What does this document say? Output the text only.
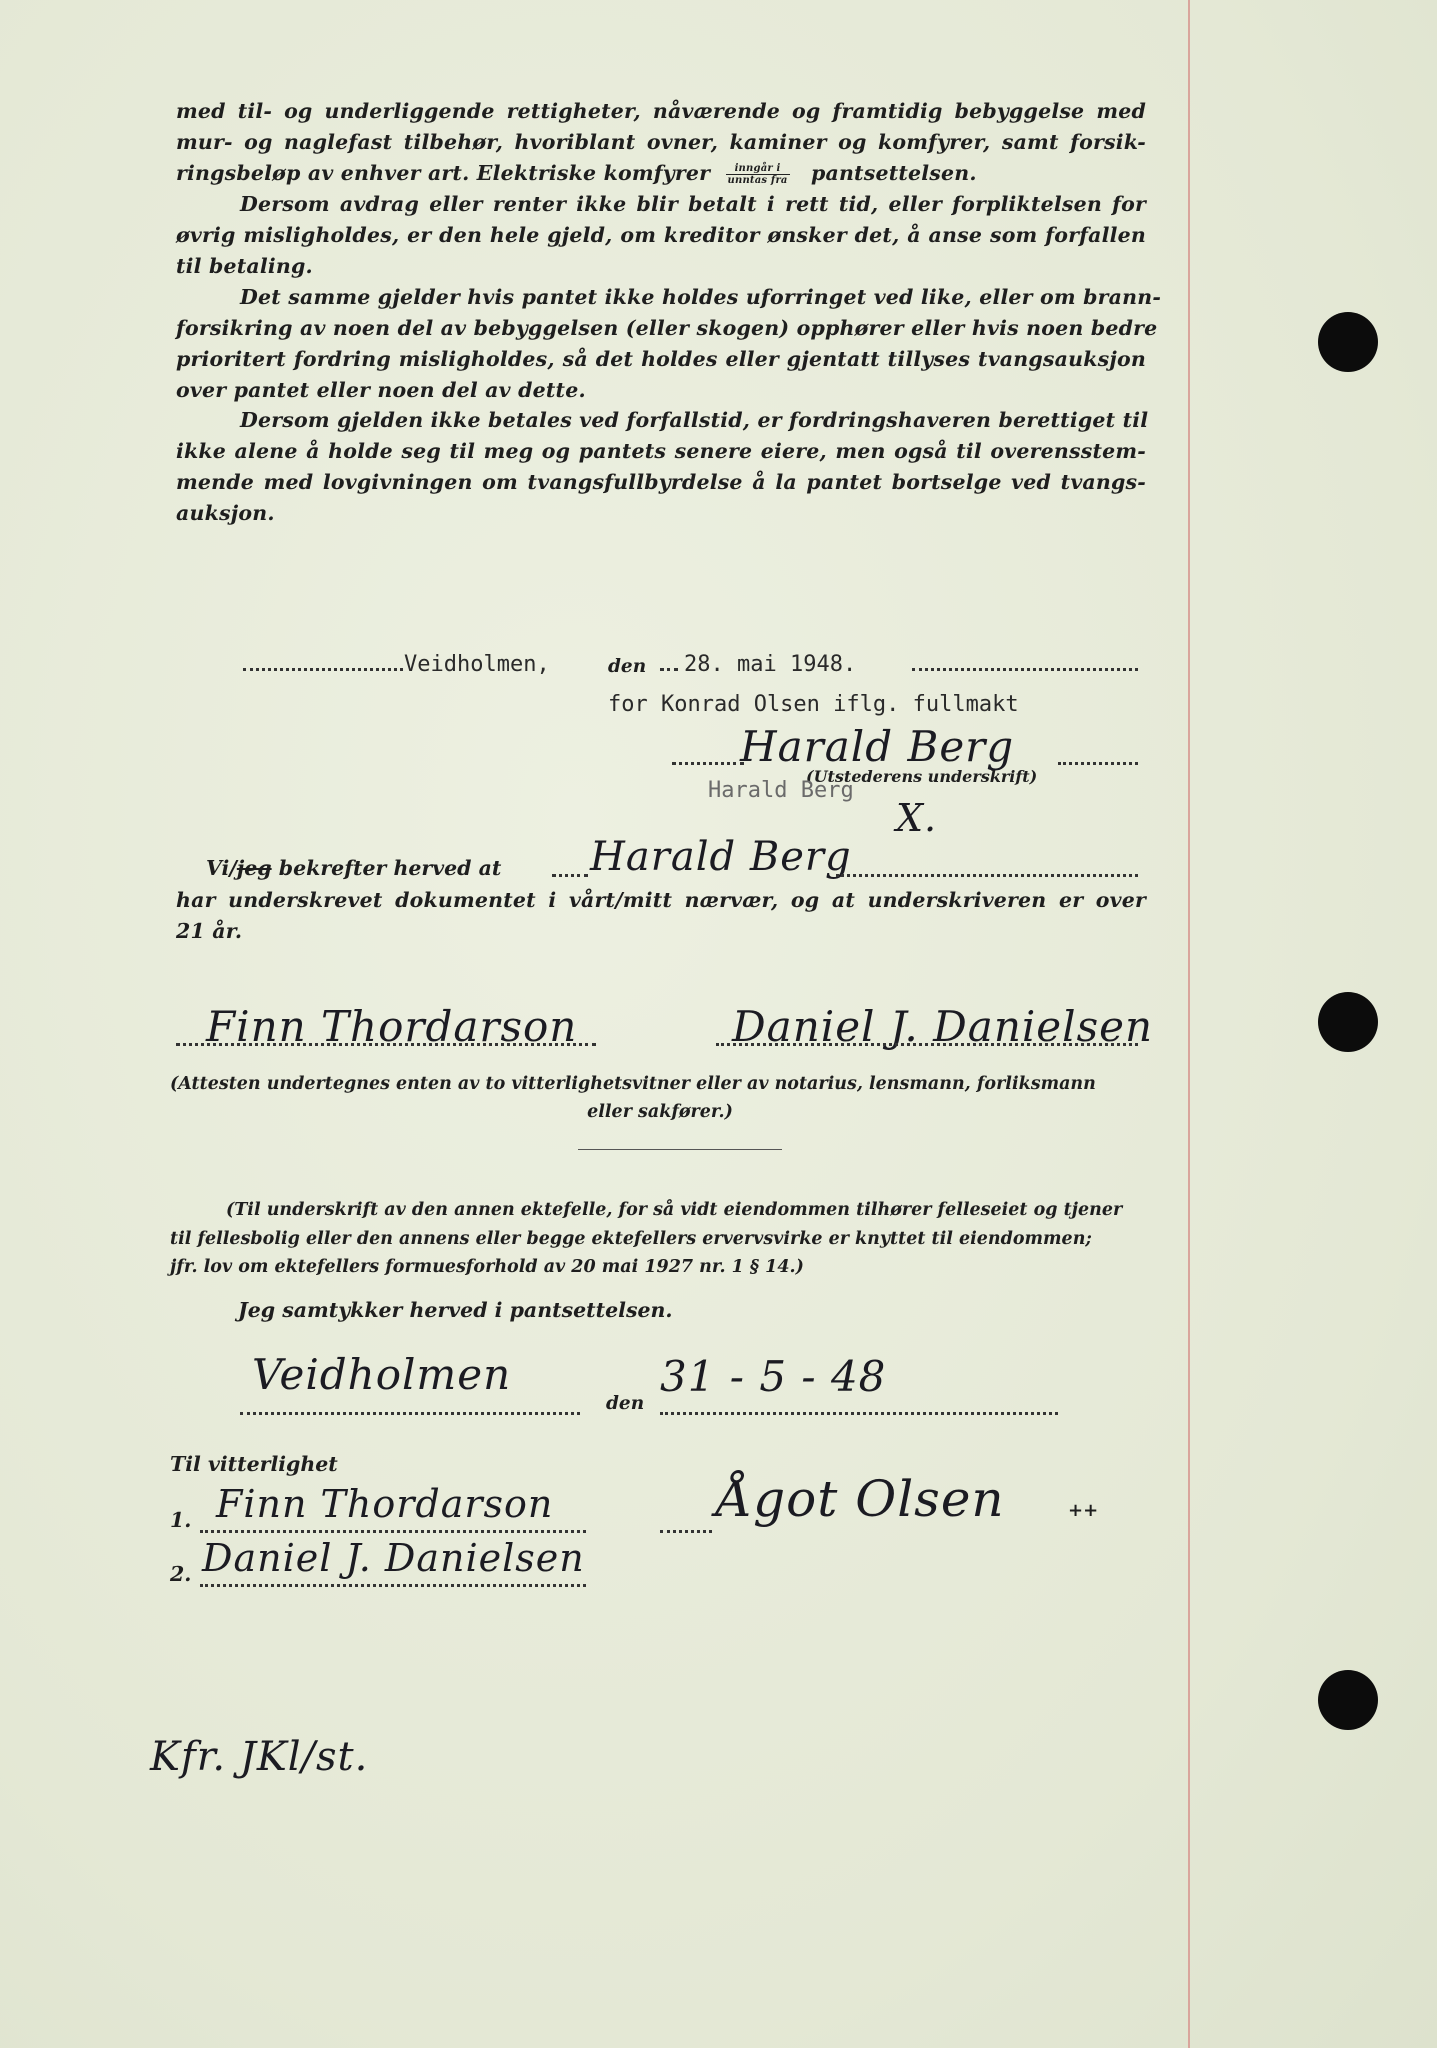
med til- og underliggende rettigheter, nåværende og framtidig bebyggelse med
mur- og naglefast tilbehør, hvoriblant ovner, kaminer og komfyrer, samt forsik-
ringsbeløp av enhver art. Elektriske komfyrer $\frac{\text{inngår i}}{\text{unntas fra}}$ pantsettelsen.
Dersom avdrag eller renter ikke blir betalt i rett tid, eller forpliktelsen for
øvrig misligholdes, er den hele gjeld, om kreditor ønsker det, å anse som forfallen
til betaling.
Det samme gjelder hvis pantet ikke holdes uforringet ved like, eller om brann-
forsikring av noen del av bebyggelsen (eller skogen) opphører eller hvis noen bedre
prioritert fordring misligholdes, så det holdes eller gjentatt tillyses tvangsauksjon
over pantet eller noen del av dette.
Dersom gjelden ikke betales ved forfallstid, er fordringshaveren berettiget til
ikke alene å holde seg til meg og pantets senere eiere, men også til overensstem-
mende med lovgivningen om tvangsfullbyrdelse å la pantet bortselge ved tvangs-
auksjon.
Veidholmen,	den 28. mai 1948.
for Konrad Olsen iflg. fullmakt
Harald Berg
(Utstederens underskrift)
Harald Berg
X.
Vi/jeg bekrefter herved at Harald Berg
har underskrevet dokumentet i vårt/mitt nærvær, og at underskriveren er over
21 år.
Finn Thordarson	Daniel J. Danielsen
(Attesten undertegnes enten av to vitterlighetsvitner eller av notarius, lensmann, forliksmann
eller sakfører.)
(Til underskrift av den annen ektefelle, for så vidt eiendommen tilhører felleseiet og tjener
til fellesbolig eller den annens eller begge ektefellers ervervsvirke er knyttet til eiendommen;
jfr. lov om ektefellers formuesforhold av 20 mai 1927 nr. 1 § 14.)
Jeg samtykker herved i pantsettelsen.
Veidholmen
den
31 - 5 - 48
Til vitterlighet
1. Finn Thordarson
2. Daniel J. Danielsen
Ågot Olsen	++
Kfr. JKl/st.
